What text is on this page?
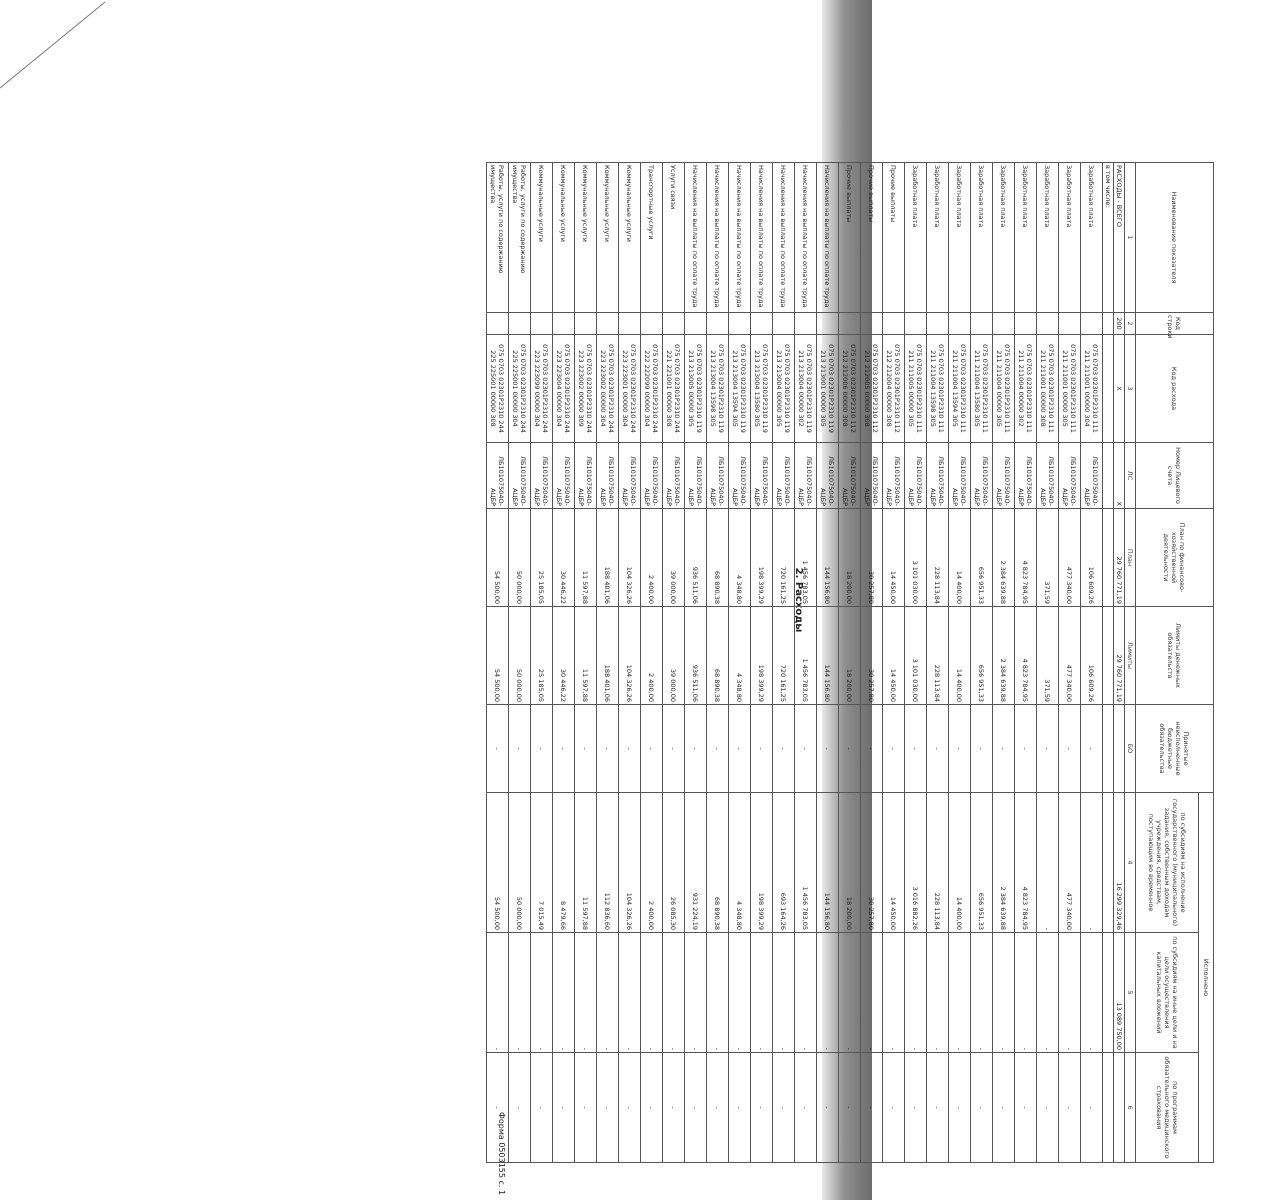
Форма 0503155 с. 1
2. Расходы
Наименование показателя	Код строки	Код расхода	Номер Лицевого счета	План по финансово-хозяйственной деятельности	Лимиты денежных обязательств	Принятые неисполненные бюджетные обязательства	Исполнено		
							по субсидиям на исполнение государственного (муниципального) задания, собственным доходам учреждения, средствам, поступающим во временное	по субсидиям на иные цели и на цели осуществления капитальных вложений	по программам обязательного медицинского страхования
1	2	3	ЛС	План	Лимиты	БО	4	5	6
РАСХОДЫ - ВСЕГО	200	X	X	29 760 771,19	29 760 771,19		16 299 329,46	13 089 750,00	
в том числе:									
Заработная плата		075 0703 02301Р2310 111 211 211001 00000 304	ЛБ10107504О-АЦБР	106 609,26	106 609,26	-	-	-	-
Заработная плата		075 0703 02301Р2310 111 211 211001 00000 305	ЛБ10107504О-АЦБР	477 340,00	477 340,00	-	477 340,00	-	-
Заработная плата		075 0703 02301Р2310 111 211 211001 00000 308	ЛБ10107504О-АЦБР	371,59	371,59	-	-	-	-
Заработная плата		075 0703 02301Р2310 111 211 211004 00000 302	ЛБ10107504О-АЦБР	4 823 784,95	4 823 784,95	-	4 823 784,95	-	-
Заработная плата		075 0703 02301Р2310 111 211 211004 00000 305	ЛБ10107504О-АЦБР	2 384 639,88	2 384 639,88	-	2 384 639,88	-	-
Заработная плата		075 0703 02301Р2310 111 211 211004 13580 305	ЛБ10107504О-АЦБР	656 951,33	656 951,33	-	656 951,33	-	-
Заработная плата		075 0703 02301Р2310 111 211 211004 13594 305	ЛБ10107504О-АЦБР	14 400,00	14 400,00	-	14 400,00	-	-
Заработная плата		075 0703 02301Р2310 111 211 211004 13598 305	ЛБ10107504О-АЦБР	228 113,84	228 113,84	-	228 113,84	-	-
Заработная плата		075 0703 02301Р2310 111 211 211005 00000 305	ЛБ10107504О-АЦБР	3 101 030,00	3 101 030,00	-	3 016 882,26	-	-
Прочие выплаты		075 0703 02301Р2310 112 212 212004 00000 308	ЛБ10107504О-АЦБР	14 450,00	14 450,00	-	14 450,00	-	-
Прочие выплаты		075 0703 02301Р2310 112 212 212005 00000 308	ЛБ10107504О-АЦБР	30 257,80	30 257,80	-	30 257,80	-	-
Прочие выплаты		075 0703 02301Р2310 112 212 212006 00000 308	ЛБ10107504О-АЦБР	18 200,00	18 200,00	-	18 200,00	-	-
Начисления на выплаты по оплате труда		075 0703 02301Р2310 119 213 213001 00000 305	ЛБ10107504О-АЦБР	144 156,80	144 156,80	-	144 156,80	-	-
Начисления на выплаты по оплате труда		075 0703 02301Р2310 119 213 213004 00000 302	ЛБ10107504О-АЦБР	1 456 783,05	1 456 783,05	-	1 456 783,05	-	-
Начисления на выплаты по оплате труда		075 0703 02301Р2310 119 213 213004 00000 305	ЛБ10107504О-АЦБР	720 161,25	720 161,25	-	693 164,26	-	-
Начисления на выплаты по оплате труда		075 0703 02301Р2310 119 213 213004 13580 305	ЛБ10107504О-АЦБР	198 399,29	198 399,29	-	198 399,29	-	-
Начисления на выплаты по оплате труда		075 0703 02301Р2310 119 213 213004 13594 305	ЛБ10107504О-АЦБР	4 348,80	4 348,80	-	4 348,80	-	-
Начисления на выплаты по оплате труда		075 0703 02301Р2310 119 213 213004 13598 305	ЛБ10107504О-АЦБР	68 890,38	68 890,38	-	68 890,38	-	-
Начисления на выплаты по оплате труда		075 0703 02301Р2310 119 213 213005 00000 305	ЛБ10107504О-АЦБР	936 511,06	936 511,06	-	931 224,19	-	-
Услуги связи		075 0703 02301Р2310 244 221 221001 00000 308	ЛБ10107504О-АЦБР	39 000,00	39 000,00	-	26 085,30	-	-
Транспортные услуги		075 0703 02301Р2310 244 222 222099 00000 304	ЛБ10107504О-АЦБР	2 400,00	2 400,00	-	2 400,00	-	-
Коммунальные услуги		075 0703 02301Р2310 244 223 223001 00000 304	ЛБ10107504О-АЦБР	104 326,26	104 326,26	-	104 326,26	-	-
Коммунальные услуги		075 0703 02301Р2310 244 223 223002 00000 304	ЛБ10107504О-АЦБР	188 401,06	188 401,06	-	112 836,60	-	-
Коммунальные услуги		075 0703 02301Р2310 244 223 223002 00000 309	ЛБ10107504О-АЦБР	11 597,88	11 597,88	-	11 597,88	-	-
Коммунальные услуги		075 0703 02301Р2310 244 223 223004 00000 304	ЛБ10107504О-АЦБР	30 446,22	30 446,22	-	8 479,66	-	-
Коммунальные услуги		075 0703 02301Р2310 244 223 223099 00000 304	ЛБ10107504О-АЦБР	25 185,05	25 185,05	-	7 015,49	-	-
Работы, услуги по содержанию имущества		075 0703 02301Р2310 244 225 225001 00000 304	ЛБ10107504О-АЦБР	50 000,00	50 000,00	-	50 000,00	-	-
Работы, услуги по содержанию имущества		075 0703 02301Р2310 244 225 225001 00000 308	ЛБ10107504О-АЦБР	54 500,00	54 500,00	-	54 500,00	-	-
